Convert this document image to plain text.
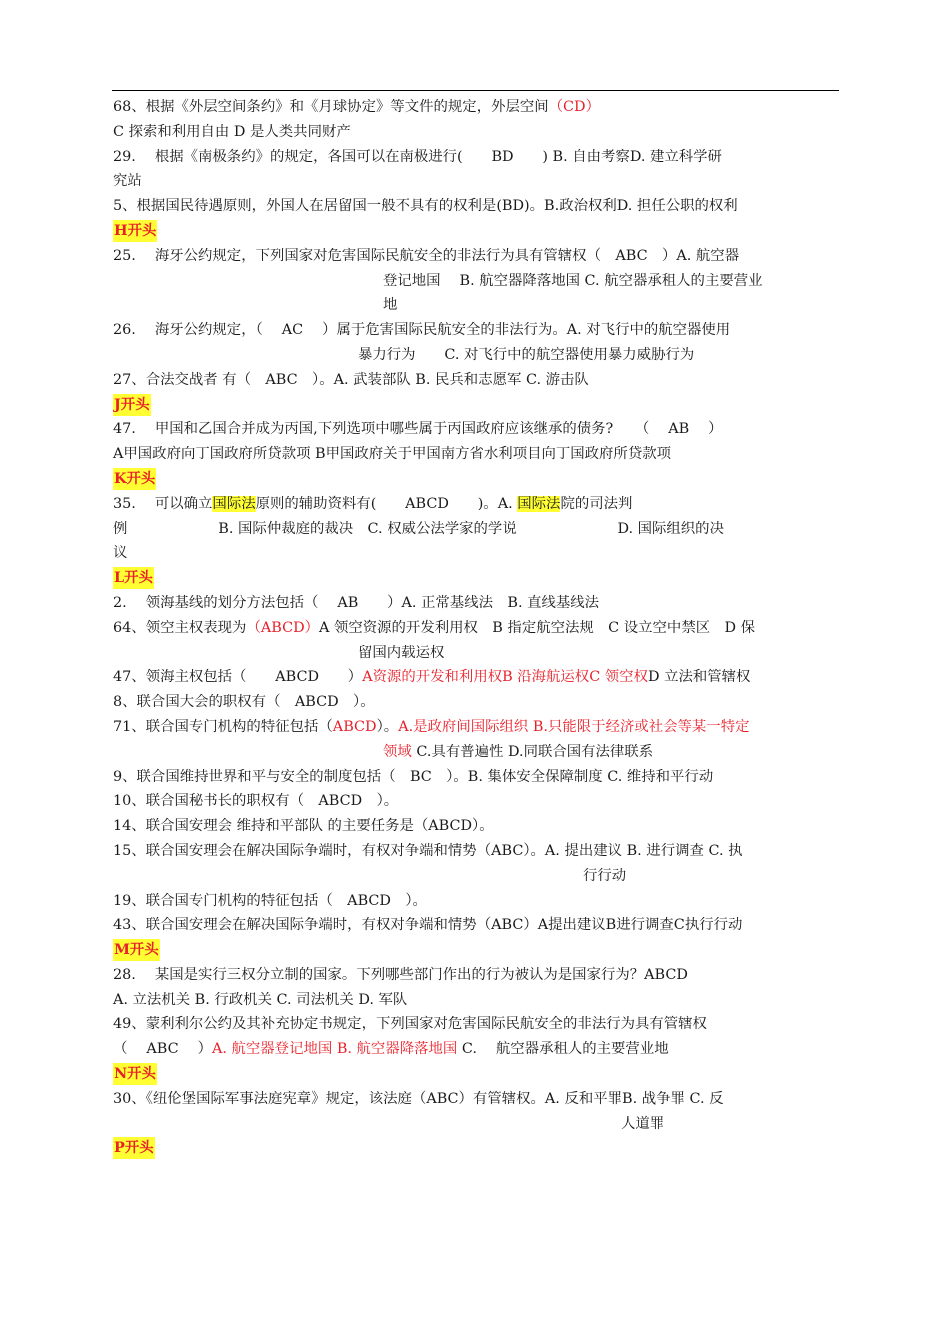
68、根据《外层空间条约》和《月球协定》等文件的规定，外层空间（CD）
C 探索和利用自由 D 是人类共同财产
29.　 根据《南极条约》的规定，各国可以在南极进行(　　BD　　) B. 自由考察D. 建立科学研
究站
5、根据国民待遇原则，外国人在居留国一般不具有的权利是(BD)。B.政治权利D. 担任公职的权利
H开头
25.　 海牙公约规定，下列国家对危害国际民航安全的非法行为具有管辖权（　ABC　）A. 航空器
登记地国　 B. 航空器降落地国 C. 航空器承租人的主要营业
地
26.　 海牙公约规定，（　 AC　 ）属于危害国际民航安全的非法行为。A. 对飞行中的航空器使用
暴力行为　　C. 对飞行中的航空器使用暴力威胁行为
27、合法交战者 有（　ABC　）。A. 武装部队 B. 民兵和志愿军 C. 游击队
J开头
47.　 甲国和乙国合并成为丙国,下列选项中哪些属于丙国政府应该继承的债务?　　（　 AB　 ）
A甲国政府向丁国政府所贷款项 B甲国政府关于甲国南方省水利项目向丁国政府所贷款项
K开头
35.　 可以确立国际法原则的辅助资料有(　　ABCD　　)。A. 国际法院的司法判
例　　　　　　 B. 国际仲裁庭的裁决　C. 权威公法学家的学说　　　　　　　D. 国际组织的决
议
L开头
2.　 领海基线的划分方法包括（　 AB　　）A. 正常基线法　B. 直线基线法
64、领空主权表现为（ABCD）A 领空资源的开发利用权　B 指定航空法规　C 设立空中禁区　D 保
留国内载运权
47、领海主权包括（　　ABCD　　）A资源的开发和利用权B 沿海航运权C 领空权D 立法和管辖权
8、联合国大会的职权有（　ABCD　）。
71、联合国专门机构的特征包括（ABCD）。A.是政府间国际组织 B.只能限于经济或社会等某一特定
领域 C.具有普遍性 D.同联合国有法律联系
9、联合国维持世界和平与安全的制度包括（　BC　）。B. 集体安全保障制度 C. 维持和平行动
10、联合国秘书长的职权有（　ABCD　）。
14、联合国安理会 维持和平部队 的主要任务是（ABCD）。
15、联合国安理会在解决国际争端时，有权对争端和情势（ABC）。A. 提出建议 B. 进行调查 C. 执
行行动
19、联合国专门机构的特征包括（　ABCD　）。
43、联合国安理会在解决国际争端时，有权对争端和情势（ABC）A提出建议B进行调查C执行行动
M开头
28.　 某国是实行三权分立制的国家。下列哪些部门作出的行为被认为是国家行为？ABCD
A. 立法机关 B. 行政机关 C. 司法机关 D. 军队
49、蒙利利尔公约及其补充协定书规定，下列国家对危害国际民航安全的非法行为具有管辖权
（　 ABC　 ）A. 航空器登记地国 B. 航空器降落地国 C.　 航空器承租人的主要营业地
N开头
30、《纽伦堡国际军事法庭宪章》规定，该法庭（ABC）有管辖权。A. 反和平罪B. 战争罪 C. 反
人道罪
P开头
